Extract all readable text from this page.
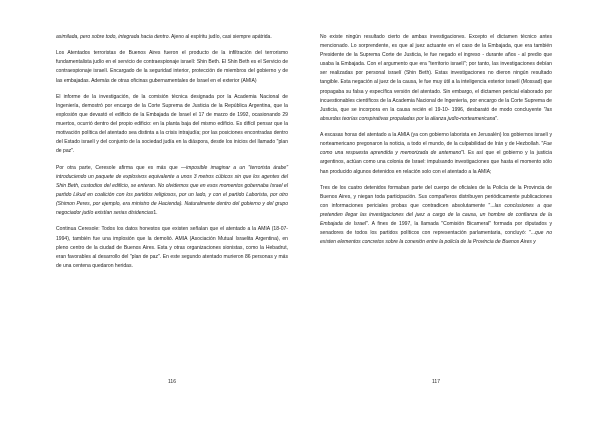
asimilada, pero sobre todo, integrada hacia dentro. Ajeno al espíritu judío, casi siempre apátrida.

Los Atentados terroristas de Buenos Aires fueron el producto de la infiltración del terrorismo fundamentalista judío en el servicio de contraespionaje israelí: Shin Beth. El Shin Beth es el Servicio de contraespionaje israelí. Encargado de la seguridad interior, protección de miembros del gobierno y de las embajadas. Además de otras oficinas gubernamentales de Israel en el exterior (AMIA)

El informe de la investigación, de la comisión técnica designada por la Academia Nacional de Ingeniería, demostró por encargo de la Corte Suprema de Justicia de la República Argentina, que la explosión que devastó el edificio de la Embajada de Israel el 17 de marzo de 1992, ocasionando 29 muertos, ocurrió dentro del propio edificio: en la planta baja del mismo edificio. Es difícil pensar que la motivación política del atentado sea distinta a la crisis intrajudía; por las posiciones encontradas dentro del Estado israelí y del conjunto de la sociedad judía en la diáspora, desde los inicios del llamado "plan de paz".

Por otra parte, Ceresole afirma que es más que —imposible imaginar a un "terrorista árabe" introduciendo un paquete de explosivos equivalente a unos 3 metros cúbicos sin que los agentes del Shin Beth, custodios del edificio, se enteran. No olvidemos que en esos momentos gobernaba Israel el partido Likud en coalición con los partidos religiosos, por un lado, y con el partido Laborista, por otro (Shimon Peres, por ejemplo, era ministro de Hacienda). Naturalmente dentro del gobierno y del grupo negociador judío existían serias disidencias1.

Continua Ceresole: Todos los datos honestos que existen señalan que el atentado a la AMIA (18-07-1994), también fue una implosión que la demolió. AMIA (Asociación Mutual Israelita Argentina), en pleno centro de la ciudad de Buenos Aires. Esta y otras organizaciones sionistas, como la Hebadrut, eran favorables al desarrollo del "plan de paz". En este segundo atentado murieron 86 personas y más de una centena quedaron heridas.

116

No existe ningún resultado cierto de ambas investigaciones. Excepto el dictamen técnico antes mencionado. Lo sorprendente, es que al juez actuante en el caso de la Embajada, que era también Presidente de la Suprema Corte de Justicia, le fue negado el ingreso - durante años - al predio que usaba la Embajada. Con el argumento que era "territorio israelí"; por tanto, las investigaciones debían ser realizadas por personal israelí (Shin Beth). Estas investigaciones no dieron ningún resultado tangible. Esta negación al juez de la causa, le fue muy útil a la inteligencia exterior israelí (Mossad) que propagaba su falsa y específica versión del atentado. Sin embargo, el dictamen pericial elaborado por incuestionables científicos de la Academia Nacional de Ingeniería, por encargo de la Corte Suprema de Justicia, que se incorpora en la causa recién el 19-10- 1996, desbarató de modo concluyente "las absurdas teorías conspirativas propaladas por la alianza judío-norteamericana".

A escasas horas del atentado a la AMIA (ya con gobierno laborista en Jerusalén) los gobiernos israelí y norteamericano pregonaron la noticia, a todo el mundo, de la culpabilidad de Irán y de Hezbollah. "Fue como una respuesta aprendida y memorizada de antemano"l. Es así que el gobierno y la justicia argentinos, actúan como una colonia de Israel: impulsando investigaciones que hasta el momento sólo han producido algunos detenidos en relación solo con el atentado a la AMIA;

Tres de los cuatro detenidos formaban parte del cuerpo de oficiales de la Policía de la Provincia de Buenos Aires, y niegan toda participación. Sus compañeros distribuyen periódicamente publicaciones con informaciones periciales probas que contradicen absolutamente "...las conclusiones a que pretenden llegar las investigaciones del juez a cargo de la causa, un hombre de confianza de la Embajada de Israel". A fines de 1997, la llamada "Comisión Bicameral" formada por diputados y senadores de todos los partidos políticos con representación parlamentaria, concluyó: "...que no existen elementos concretos sobre la conexión entre la policía de la Provincia de Buenos Aires y

117
